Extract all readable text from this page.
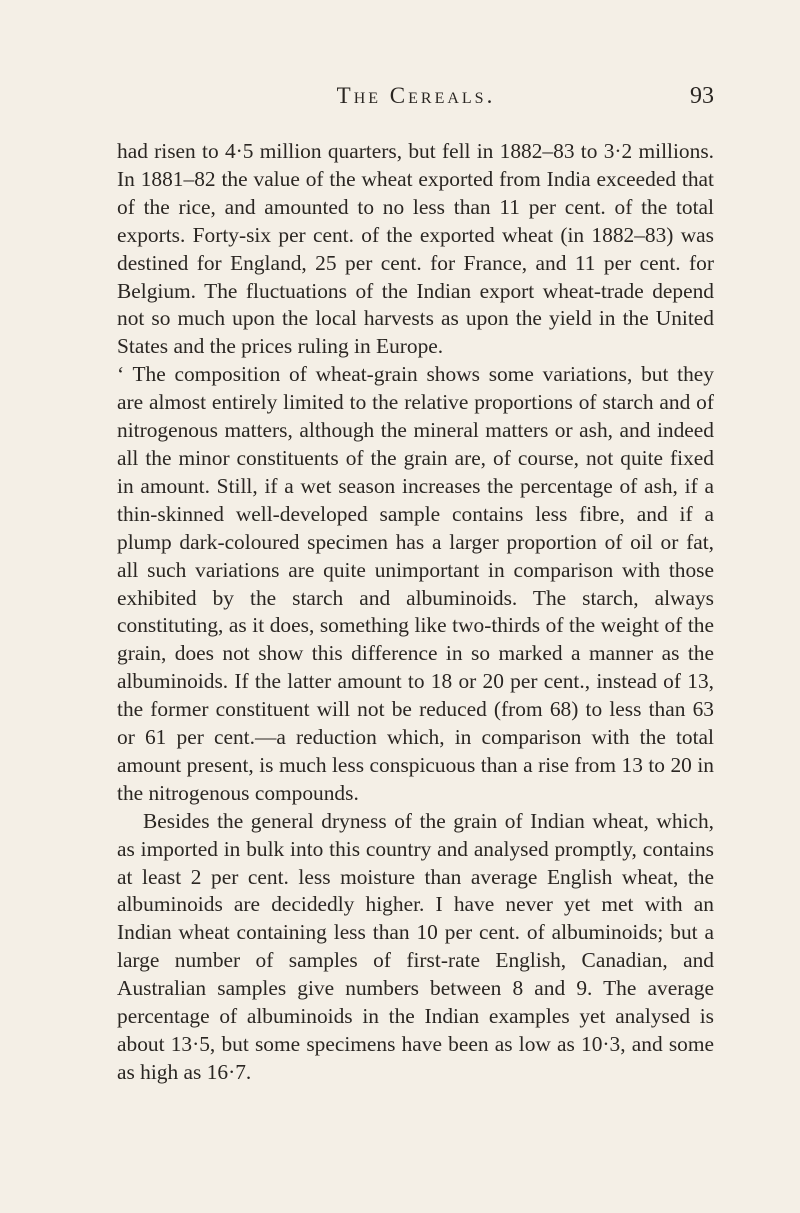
The Cereals.	93

had risen to 4·5 million quarters, but fell in 1882–83 to 3·2 millions. In 1881–82 the value of the wheat exported from India exceeded that of the rice, and amounted to no less than 11 per cent. of the total exports. Forty-six per cent. of the exported wheat (in 1882–83) was destined for England, 25 per cent. for France, and 11 per cent. for Belgium. The fluctuations of the Indian export wheat-trade depend not so much upon the local harvests as upon the yield in the United States and the prices ruling in Europe.

‘ The composition of wheat-grain shows some variations, but they are almost entirely limited to the relative proportions of starch and of nitrogenous matters, although the mineral matters or ash, and indeed all the minor constituents of the grain are, of course, not quite fixed in amount. Still, if a wet season increases the percentage of ash, if a thin-skinned well-developed sample contains less fibre, and if a plump dark-coloured specimen has a larger proportion of oil or fat, all such variations are quite unimportant in comparison with those exhibited by the starch and albuminoids. The starch, always constituting, as it does, something like two-thirds of the weight of the grain, does not show this difference in so marked a manner as the albuminoids. If the latter amount to 18 or 20 per cent., instead of 13, the former constituent will not be reduced (from 68) to less than 63 or 61 per cent.—a reduction which, in comparison with the total amount present, is much less conspicuous than a rise from 13 to 20 in the nitrogenous compounds.

Besides the general dryness of the grain of Indian wheat, which, as imported in bulk into this country and analysed promptly, contains at least 2 per cent. less moisture than average English wheat, the albuminoids are decidedly higher. I have never yet met with an Indian wheat containing less than 10 per cent. of albuminoids; but a large number of samples of first-rate English, Canadian, and Australian samples give numbers between 8 and 9. The average percentage of albuminoids in the Indian examples yet analysed is about 13·5, but some specimens have been as low as 10·3, and some as high as 16·7.
